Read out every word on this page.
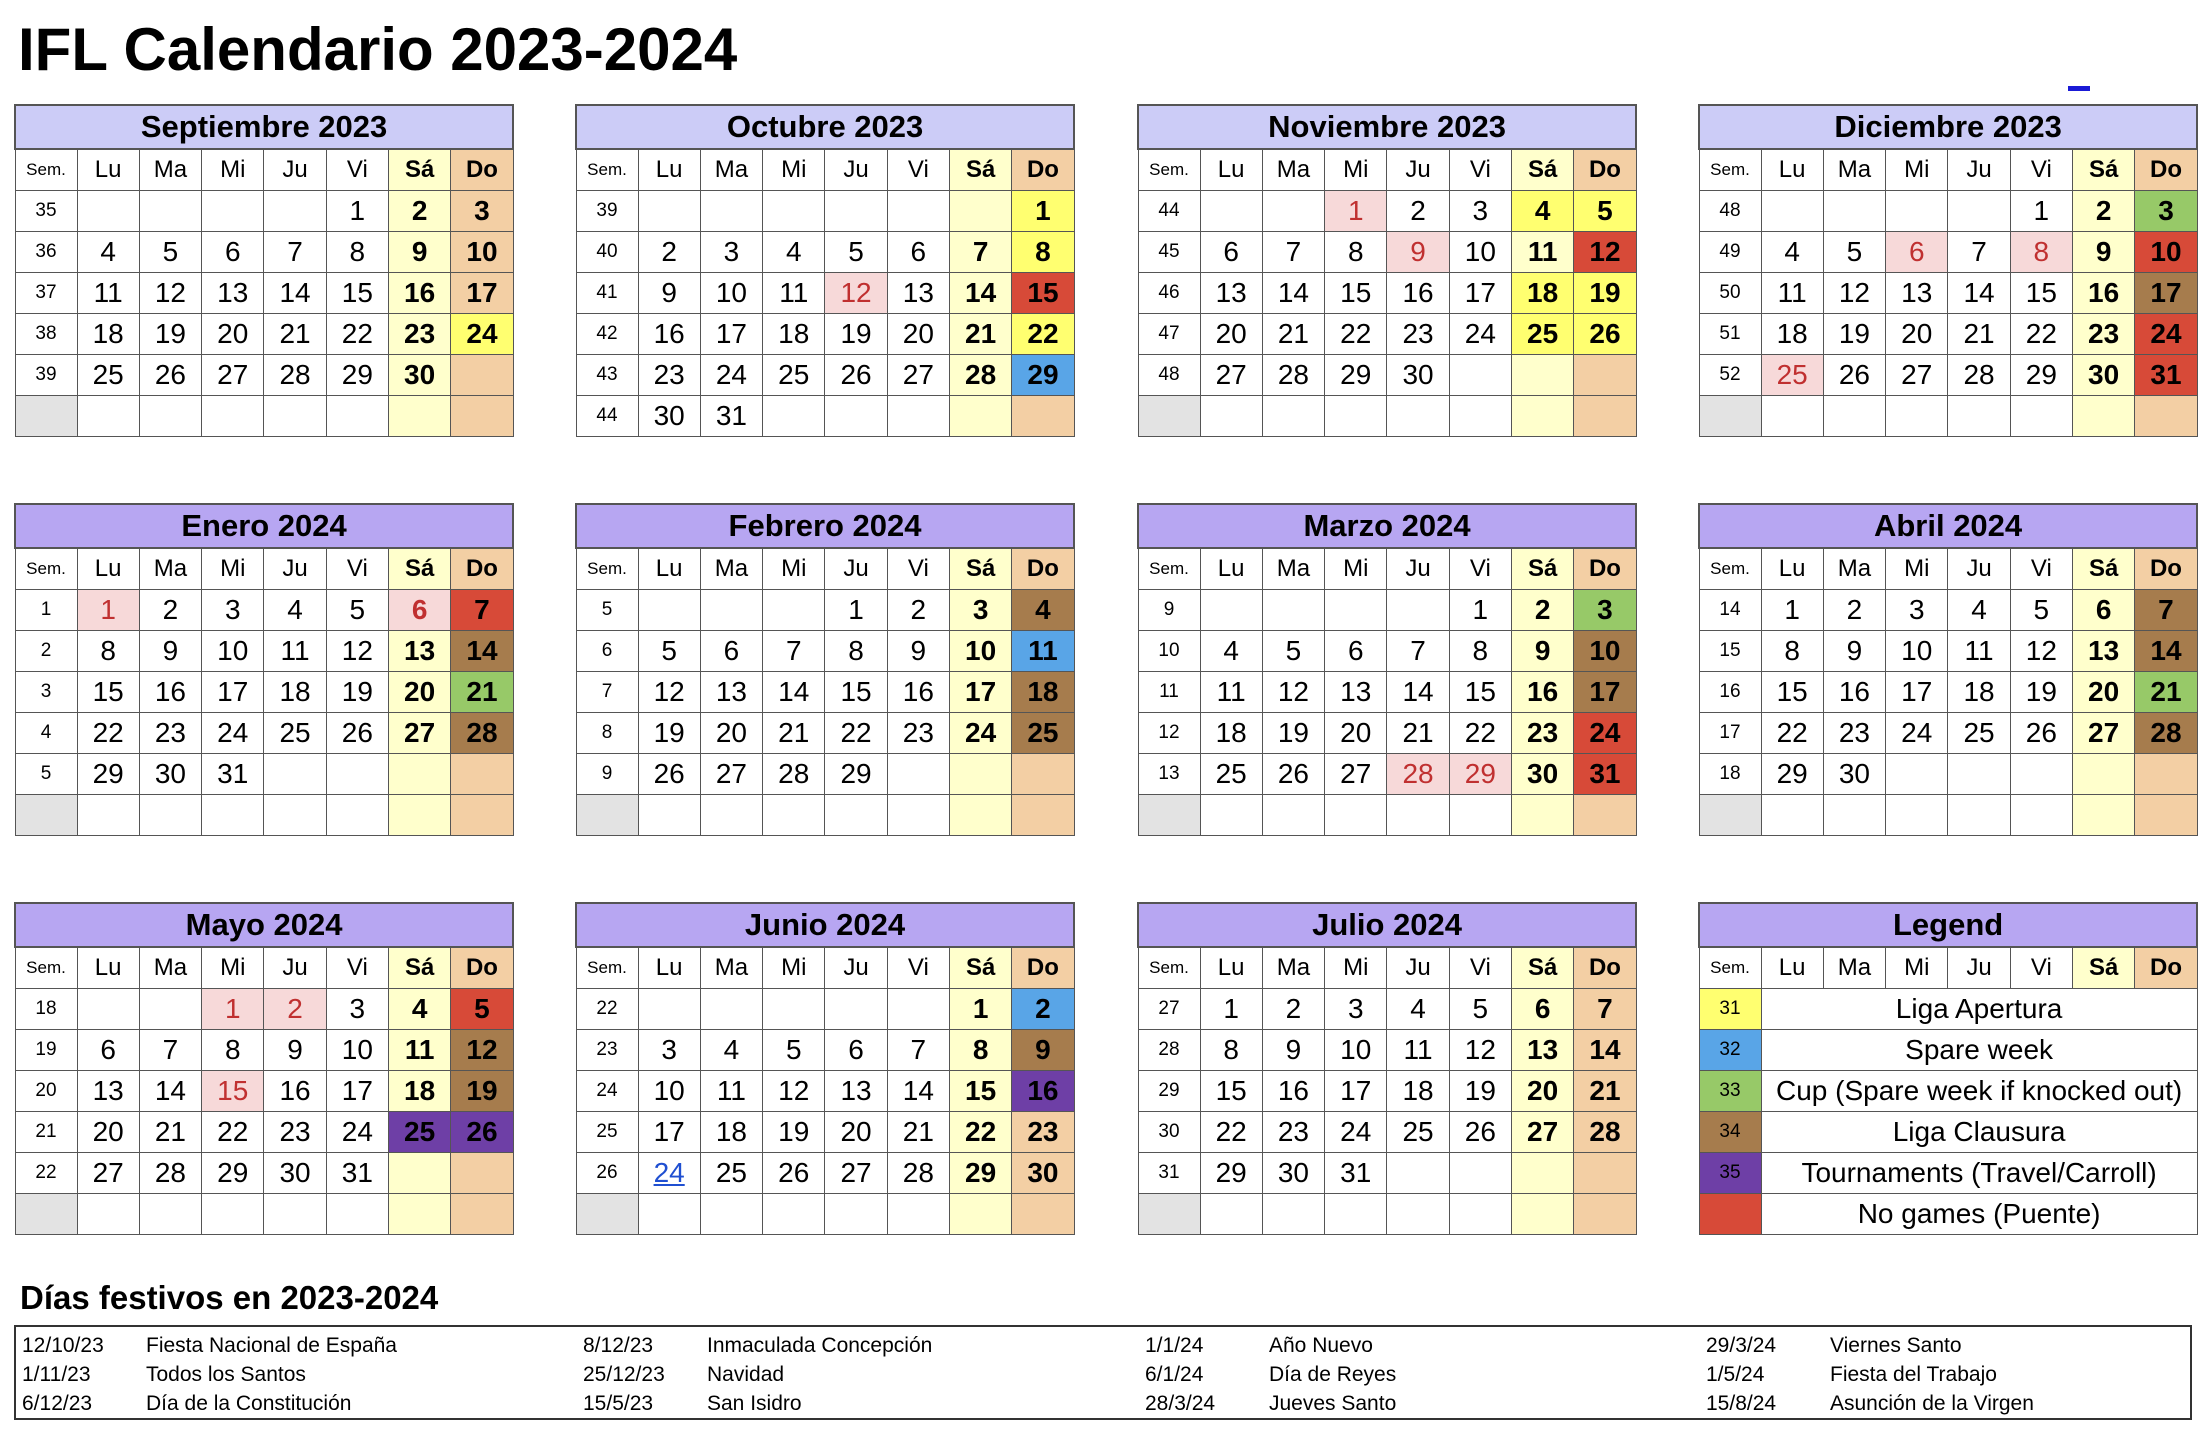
IFL Calendario 2023-2024
Septiembre 2023							
Sem.	Lu	Ma	Mi	Ju	Vi	Sá	Do
35					1	2	3
36	4	5	6	7	8	9	10
37	11	12	13	14	15	16	17
38	18	19	20	21	22	23	24
39	25	26	27	28	29	30	

Octubre 2023							
Sem.	Lu	Ma	Mi	Ju	Vi	Sá	Do
39							1
40	2	3	4	5	6	7	8
41	9	10	11	12	13	14	15
42	16	17	18	19	20	21	22
43	23	24	25	26	27	28	29
44	30	31					
Noviembre 2023							
Sem.	Lu	Ma	Mi	Ju	Vi	Sá	Do
44			1	2	3	4	5
45	6	7	8	9	10	11	12
46	13	14	15	16	17	18	19
47	20	21	22	23	24	25	26
48	27	28	29	30			

Diciembre 2023							
Sem.	Lu	Ma	Mi	Ju	Vi	Sá	Do
48					1	2	3
49	4	5	6	7	8	9	10
50	11	12	13	14	15	16	17
51	18	19	20	21	22	23	24
52	25	26	27	28	29	30	31

Enero 2024							
Sem.	Lu	Ma	Mi	Ju	Vi	Sá	Do
1	1	2	3	4	5	6	7
2	8	9	10	11	12	13	14
3	15	16	17	18	19	20	21
4	22	23	24	25	26	27	28
5	29	30	31				

Febrero 2024							
Sem.	Lu	Ma	Mi	Ju	Vi	Sá	Do
5				1	2	3	4
6	5	6	7	8	9	10	11
7	12	13	14	15	16	17	18
8	19	20	21	22	23	24	25
9	26	27	28	29			

Marzo 2024							
Sem.	Lu	Ma	Mi	Ju	Vi	Sá	Do
9					1	2	3
10	4	5	6	7	8	9	10
11	11	12	13	14	15	16	17
12	18	19	20	21	22	23	24
13	25	26	27	28	29	30	31

Abril 2024							
Sem.	Lu	Ma	Mi	Ju	Vi	Sá	Do
14	1	2	3	4	5	6	7
15	8	9	10	11	12	13	14
16	15	16	17	18	19	20	21
17	22	23	24	25	26	27	28
18	29	30					

Mayo 2024							
Sem.	Lu	Ma	Mi	Ju	Vi	Sá	Do
18			1	2	3	4	5
19	6	7	8	9	10	11	12
20	13	14	15	16	17	18	19
21	20	21	22	23	24	25	26
22	27	28	29	30	31		

Junio 2024							
Sem.	Lu	Ma	Mi	Ju	Vi	Sá	Do
22						1	2
23	3	4	5	6	7	8	9
24	10	11	12	13	14	15	16
25	17	18	19	20	21	22	23
26	24	25	26	27	28	29	30

Julio 2024							
Sem.	Lu	Ma	Mi	Ju	Vi	Sá	Do
27	1	2	3	4	5	6	7
28	8	9	10	11	12	13	14
29	15	16	17	18	19	20	21
30	22	23	24	25	26	27	28
31	29	30	31				

Legend							
Sem.	Lu	Ma	Mi	Ju	Vi	Sá	Do
31	Liga Apertura						
32	Spare week						
33	Cup (Spare week if knocked out)						
34	Liga Clausura						
35	Tournaments (Travel/Carroll)						
	No games (Puente)						
Días festivos en 2023-2024
12/10/23 Fiesta Nacional de España
1/11/23	Todos los Santos
6/12/23	Día de la Constitución
8/12/23	Inmaculada Concepción
25/12/23 Navidad
15/5/23	San Isidro
1/1/24	Año Nuevo
6/1/24	Día de Reyes
28/3/24	Jueves Santo
29/3/24	Viernes Santo
1/5/24	Fiesta del Trabajo
15/8/24	Asunción de la Virgen
